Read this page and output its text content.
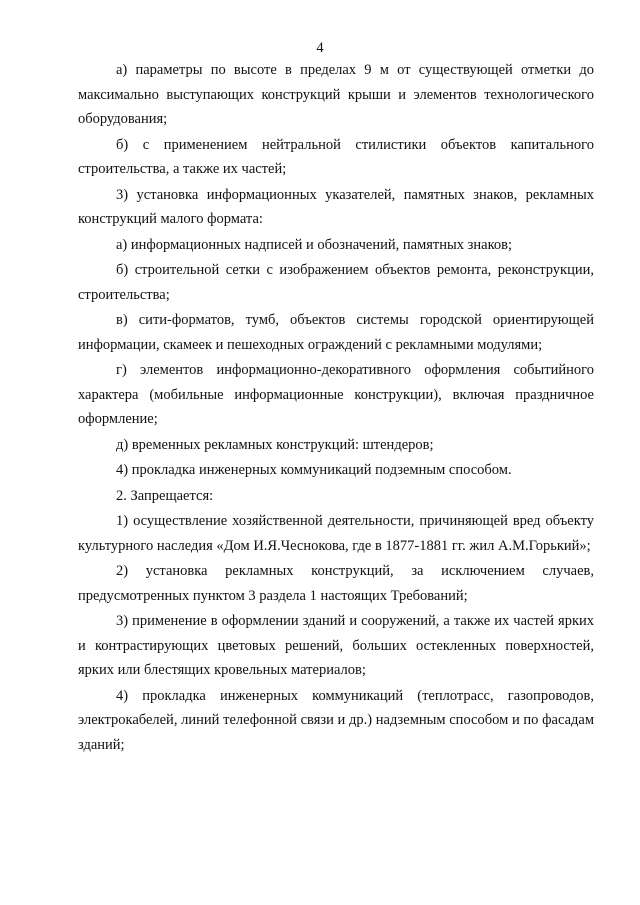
4

а) параметры по высоте в пределах 9 м от существующей отметки до максимально выступающих конструкций крыши и элементов технологического оборудования;

б) с применением нейтральной стилистики объектов капитального строительства, а также их частей;

3) установка информационных указателей, памятных знаков, рекламных конструкций малого формата:

а) информационных надписей и обозначений, памятных знаков;

б) строительной сетки с изображением объектов ремонта, реконструкции, строительства;

в) сити-форматов, тумб, объектов системы городской ориентирующей информации, скамеек и пешеходных ограждений с рекламными модулями;

г) элементов информационно-декоративного оформления событийного характера (мобильные информационные конструкции), включая праздничное оформление;

д) временных рекламных конструкций: штендеров;

4) прокладка инженерных коммуникаций подземным способом.

2. Запрещается:

1) осуществление хозяйственной деятельности, причиняющей вред объекту культурного наследия «Дом И.Я.Чеснокова, где в 1877-1881 гг. жил А.М.Горький»;

2) установка рекламных конструкций, за исключением случаев, предусмотренных пунктом 3 раздела 1 настоящих Требований;

3) применение в оформлении зданий и сооружений, а также их частей ярких и контрастирующих цветовых решений, больших остекленных поверхностей, ярких или блестящих кровельных материалов;

4) прокладка инженерных коммуникаций (теплотрасс, газопроводов, электрокабелей, линий телефонной связи и др.) надземным способом и по фасадам зданий;
